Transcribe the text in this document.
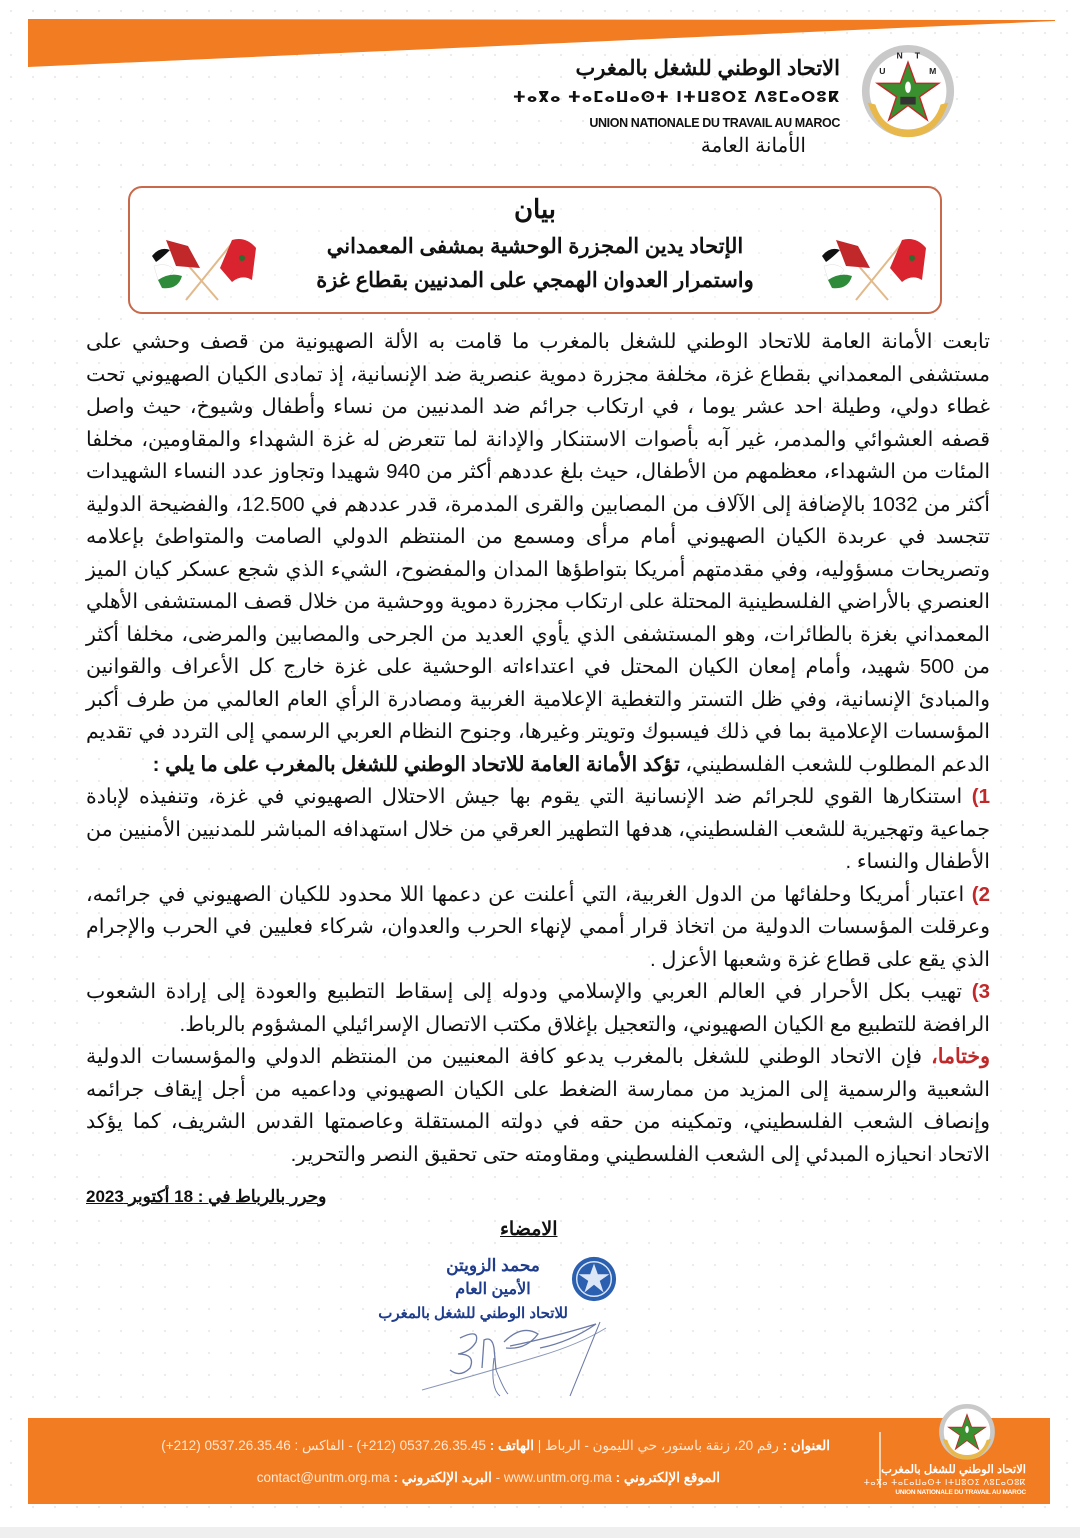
الاتحاد الوطني للشغل بالمغرب
ⵜⴰⴳⴰ ⵜⴰⵎⴰⵡⴰⵙⵜ ⵏⵜⵡⵓⵔⵉ ⴷⵓⵎⴰⵔⵓⴽ
UNION NATIONALE DU TRAVAIL AU MAROC
الأمانة العامة
U
N T
M
بيان
الإتحاد يدين المجزرة الوحشية بمشفى المعمداني
واستمرار العدوان الهمجي على المدنيين بقطاع غزة

تابعت الأمانة العامة للاتحاد الوطني للشغل بالمغرب ما قامت به الألة الصهيونية من قصف وحشي على مستشفى المعمداني بقطاع غزة، مخلفة مجزرة دموية عنصرية ضد الإنسانية، إذ تمادى الكيان الصهيوني تحت غطاء دولي، وطيلة احد عشر يوما ، في ارتكاب جرائم ضد المدنيين من نساء وأطفال وشيوخ، حيث واصل قصفه العشوائي والمدمر، غير آبه بأصوات الاستنكار والإدانة لما تتعرض له غزة الشهداء والمقاومين، مخلفا المئات من الشهداء، معظمهم من الأطفال، حيث بلغ عددهم أكثر من 940 شهيدا وتجاوز عدد النساء الشهيدات أكثر من 1032 بالإضافة إلى الآلاف من المصابين والقرى المدمرة، قدر عددهم في 12.500، والفضيحة الدولية تتجسد في عربدة الكيان الصهيوني أمام مرأى ومسمع من المنتظم الدولي الصامت والمتواطئ بإعلامه وتصريحات مسؤوليه، وفي مقدمتهم أمريكا بتواطؤها المدان والمفضوح، الشيء الذي شجع عسكر كيان الميز العنصري بالأراضي الفلسطينية المحتلة على ارتكاب مجزرة دموية ووحشية من خلال قصف المستشفى الأهلي المعمداني بغزة بالطائرات، وهو المستشفى الذي يأوي العديد من الجرحى والمصابين والمرضى، مخلفا أكثر من 500 شهيد، وأمام إمعان الكيان المحتل في اعتداءاته الوحشية على غزة خارج كل الأعراف والقوانين والمبادئ الإنسانية، وفي ظل التستر والتغطية الإعلامية الغربية ومصادرة الرأي العام العالمي من طرف أكبر المؤسسات الإعلامية بما في ذلك فيسبوك وتويتر وغيرها، وجنوح النظام العربي الرسمي إلى التردد في تقديم الدعم المطلوب للشعب الفلسطيني، تؤكد الأمانة العامة للاتحاد الوطني للشغل بالمغرب على ما يلي :

1) استنكارها القوي للجرائم ضد الإنسانية التي يقوم بها جيش الاحتلال الصهيوني في غزة، وتنفيذه لإبادة جماعية وتهجيرية للشعب الفلسطيني، هدفها التطهير العرقي من خلال استهدافه المباشر للمدنيين الأمنيين من الأطفال والنساء .

2) اعتبار أمريكا وحلفائها من الدول الغربية، التي أعلنت عن دعمها اللا محدود للكيان الصهيوني في جرائمه، وعرقلت المؤسسات الدولية من اتخاذ قرار أممي لإنهاء الحرب والعدوان، شركاء فعليين في الحرب والإجرام الذي يقع على قطاع غزة وشعبها الأعزل .

3) تهيب بكل الأحرار في العالم العربي والإسلامي ودوله إلى إسقاط التطبيع والعودة إلى إرادة الشعوب الرافضة للتطبيع مع الكيان الصهيوني، والتعجيل بإغلاق مكتب الاتصال الإسرائيلي المشؤوم بالرباط.

وختاما، فإن الاتحاد الوطني للشغل بالمغرب يدعو كافة المعنيين من المنتظم الدولي والمؤسسات الدولية الشعبية والرسمية إلى المزيد من ممارسة الضغط على الكيان الصهيوني وداعميه من أجل إيقاف جرائمه وإنصاف الشعب الفلسطيني، وتمكينه من حقه في دولته المستقلة وعاصمتها القدس الشريف، كما يؤكد الاتحاد انحيازه المبدئي إلى الشعب الفلسطيني ومقاومته حتى تحقيق النصر والتحرير.

وحرر بالرباط في : 18 أكتوبر 2023
الامضاء
محمد الزويتن
الأمين العام
للاتحاد الوطني للشغل بالمغرب
العنوان : رقم 20، زنقة باستور، حي الليمون - الرباط | الهاتف : 0537.26.35.45 (212+) - الفاكس : 0537.26.35.46 (212+)
الموقع الإلكتروني : www.untm.org.ma - البريد الإلكتروني : contact@untm.org.ma	الاتحاد الوطني للشغل بالمغرب
ⵜⴰⴳⴰ ⵜⴰⵎⴰⵡⴰⵙⵜ ⵏⵜⵡⵓⵔⵉ ⴷⵓⵎⴰⵔⵓⴽ
UNION NATIONALE DU TRAVAIL AU MAROC
